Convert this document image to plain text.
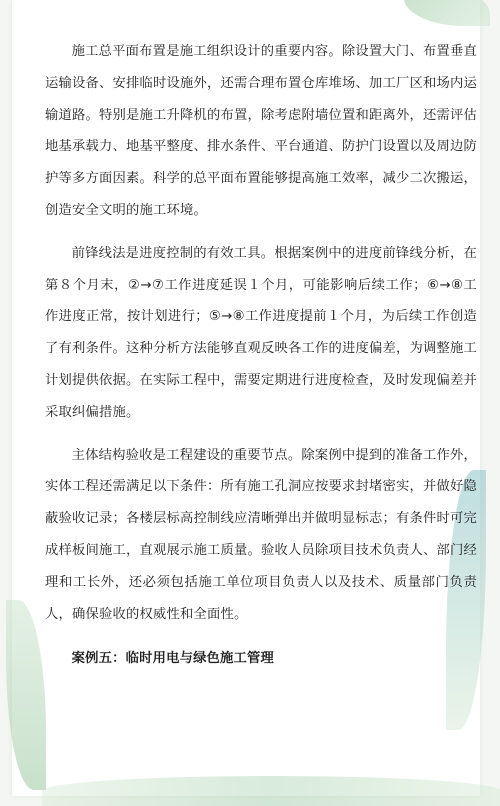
施工总平面布置是施工组织设计的重要内容。除设置大门、布置垂直运输设备、安排临时设施外，还需合理布置仓库堆场、加工厂区和场内运输道路。特别是施工升降机的布置，除考虑附墙位置和距离外，还需评估地基承载力、地基平整度、排水条件、平台通道、防护门设置以及周边防护等多方面因素。科学的总平面布置能够提高施工效率，减少二次搬运，创造安全文明的施工环境。

前锋线法是进度控制的有效工具。根据案例中的进度前锋线分析，在第８个月末，②→⑦工作进度延误１个月，可能影响后续工作；⑥→⑧工作进度正常，按计划进行；⑤→⑧工作进度提前１个月，为后续工作创造了有利条件。这种分析方法能够直观反映各工作的进度偏差，为调整施工计划提供依据。在实际工程中，需要定期进行进度检查，及时发现偏差并采取纠偏措施。

主体结构验收是工程建设的重要节点。除案例中提到的准备工作外，实体工程还需满足以下条件：所有施工孔洞应按要求封堵密实，并做好隐蔽验收记录；各楼层标高控制线应清晰弹出并做明显标志；有条件时可完成样板间施工，直观展示施工质量。验收人员除项目技术负责人、部门经理和工长外，还必须包括施工单位项目负责人以及技术、质量部门负责人，确保验收的权威性和全面性。

案例五：临时用电与绿色施工管理
